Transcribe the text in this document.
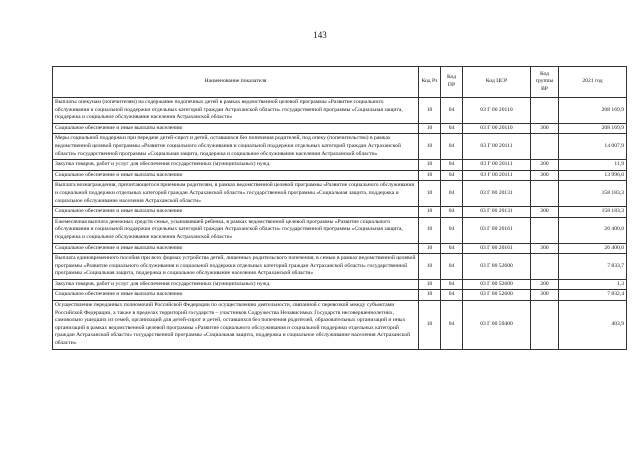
143
Наименование показателя	Код Рз	Код ПР	Код ЦСР	Код группы ВР	2021 год
Выплаты опекунам (попечителям) на содержание подопечных детей в рамках ведомственной целевой программы «Развитие социального обслуживания и социальной поддержки отдельных категорий граждан Астраханской области» государственной программы «Социальная защита, поддержка и социальное обслуживание населения Астраханской области»	10	04	03 Г 00 20110		208 169,9
Социальное обеспечение и иные выплаты населению	10	04	03 Г 00 20110	300	208 169,9
Меры социальной поддержки при передаче детей-сирот и детей, оставшихся без попечения родителей, под опеку (попечительство) в рамках ведомственной целевой программы «Развитие социального обслуживания и социальной поддержки отдельных категорий граждан Астраханской области» государственной программы «Социальная защита, поддержка и социальное обслуживание населения Астраханской области»	10	04	03 Г 00 20111		14 007,9
Закупка товаров, работ и услуг для обеспечения государственных (муниципальных) нужд	10	04	03 Г 00 20111	200	11,9
Социальное обеспечение и иные выплаты населению	10	04	03 Г 00 20111	300	13 996,0
Выплата вознаграждения, причитающегося приемным родителям, в рамках ведомственной целевой программы «Развитие социального обслуживания и социальной поддержки отдельных категорий граждан Астраханской области» государственной программы «Социальная защита, поддержка и социальное обслуживание населения Астраханской области»	10	04	03 Г 00 20131		158 183,3
Социальное обеспечение и иные выплаты населению	10	04	03 Г 00 20131	300	158 183,3
Ежемесячная выплата денежных средств семье, усыновившей ребенка, в рамках ведомственной целевой программы «Развитие социального обслуживания и социальной поддержки отдельных категорий граждан Астраханской области» государственной программы «Социальная защита, поддержка и социальное обслуживание населения Астраханской области»	10	04	03 Г 00 20161		26 400,0
Социальное обеспечение и иные выплаты населению	10	04	03 Г 00 20161	300	26 400,0
Выплата единовременного пособия при всех формах устройства детей, лишенных родительского попечения, в семью в рамках ведомственной целевой программы «Развитие социального обслуживания и социальной поддержки отдельных категорий граждан Астраханской области» государственной программы «Социальная защита, поддержка и социальное обслуживание населения Астраханской области»	10	04	03 Г 00 52600		7 833,7
Закупка товаров, работ и услуг для обеспечения государственных (муниципальных) нужд	10	04	03 Г 00 52600	200	1,3
Социальное обеспечение и иные выплаты населению	10	04	03 Г 00 52600	300	7 832,4
Осуществление переданных полномочий Российской Федерации по осуществлению деятельности, связанной с перевозкой между субъектами Российской Федерации, а также в пределах территорий государств – участников Содружества Независимых Государств несовершеннолетних, самовольно ушедших из семей, организаций для детей-сирот и детей, оставшихся без попечения родителей, образовательных организаций и иных организаций в рамках ведомственной целевой программы «Развитие социального обслуживания и социальной поддержки отдельных категорий граждан Астраханской области» государственной программы «Социальная защита, поддержка и социальное обслуживание населения Астраханской области»	10	04	03 Г 00 59400		403,9
